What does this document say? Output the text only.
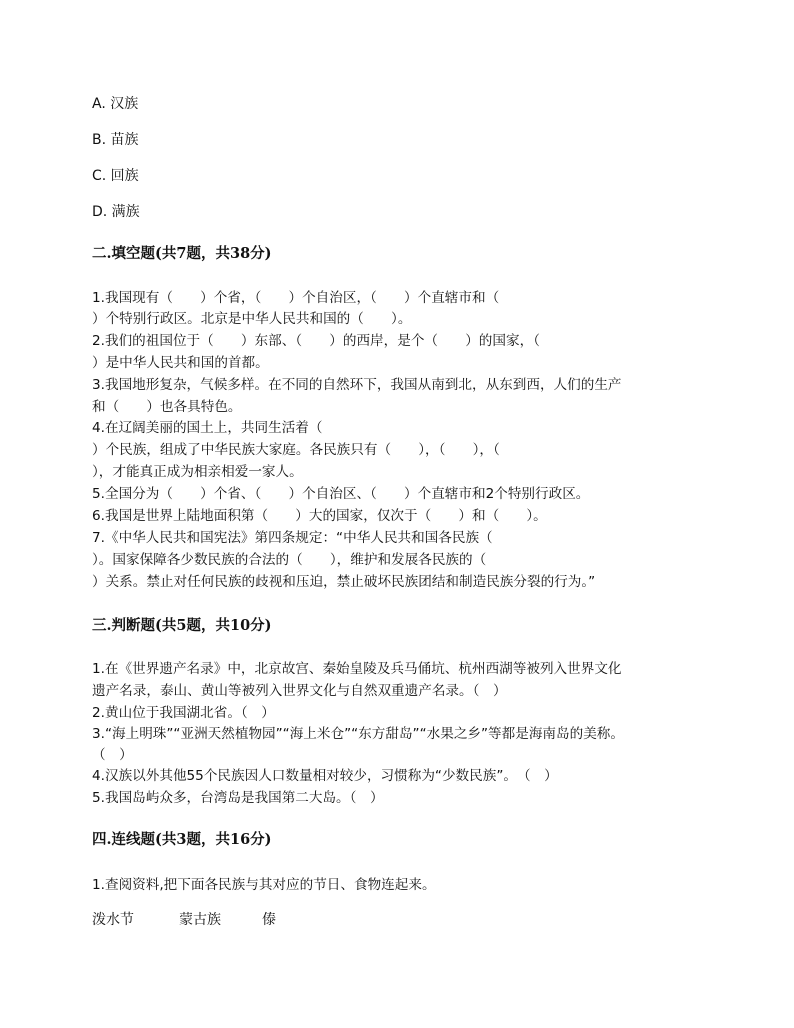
A. 汉族
B. 苗族
C. 回族
D. 满族
二.填空题(共7题，共38分)
1.我国现有（　　）个省，（　　）个自治区，（　　）个直辖市和（
）个特别行政区。北京是中华人民共和国的（　　）。
2.我们的祖国位于（　　）东部、（　　）的西岸，是个（　　）的国家，（
）是中华人民共和国的首都。
3.我国地形复杂，气候多样。在不同的自然环下，我国从南到北，从东到西，人们的生产
和（　　）也各具特色。
4.在辽阔美丽的国土上，共同生活着（
）个民族，组成了中华民族大家庭。各民族只有（　　），（　　），（
），才能真正成为相亲相爱一家人。
5.全国分为（　　）个省、（　　）个自治区、（　　）个直辖市和2个特别行政区。
6.我国是世界上陆地面积第（　　）大的国家，仅次于（　　）和（　　）。
7.《中华人民共和国宪法》第四条规定：“中华人民共和国各民族（
）。国家保障各少数民族的合法的（　　），维护和发展各民族的（
）关系。禁止对任何民族的歧视和压迫，禁止破坏民族团结和制造民族分裂的行为。”
三.判断题(共5题，共10分)
1.在《世界遗产名录》中，北京故宫、秦始皇陵及兵马俑坑、杭州西湖等被列入世界文化
遗产名录，泰山、黄山等被列入世界文化与自然双重遗产名录。（　）
2.黄山位于我国湖北省。（　）
3.“海上明珠”“亚洲天然植物园”“海上米仓”“东方甜岛”“水果之乡”等都是海南岛的美称。
（　）
4.汉族以外其他55个民族因人口数量相对较少，习惯称为“少数民族”。　（　）
5.我国岛屿众多，台湾岛是我国第二大岛。（　）
四.连线题(共3题，共16分)
1.查阅资料,把下面各民族与其对应的节日、食物连起来。
泼水节	蒙古族	傣
